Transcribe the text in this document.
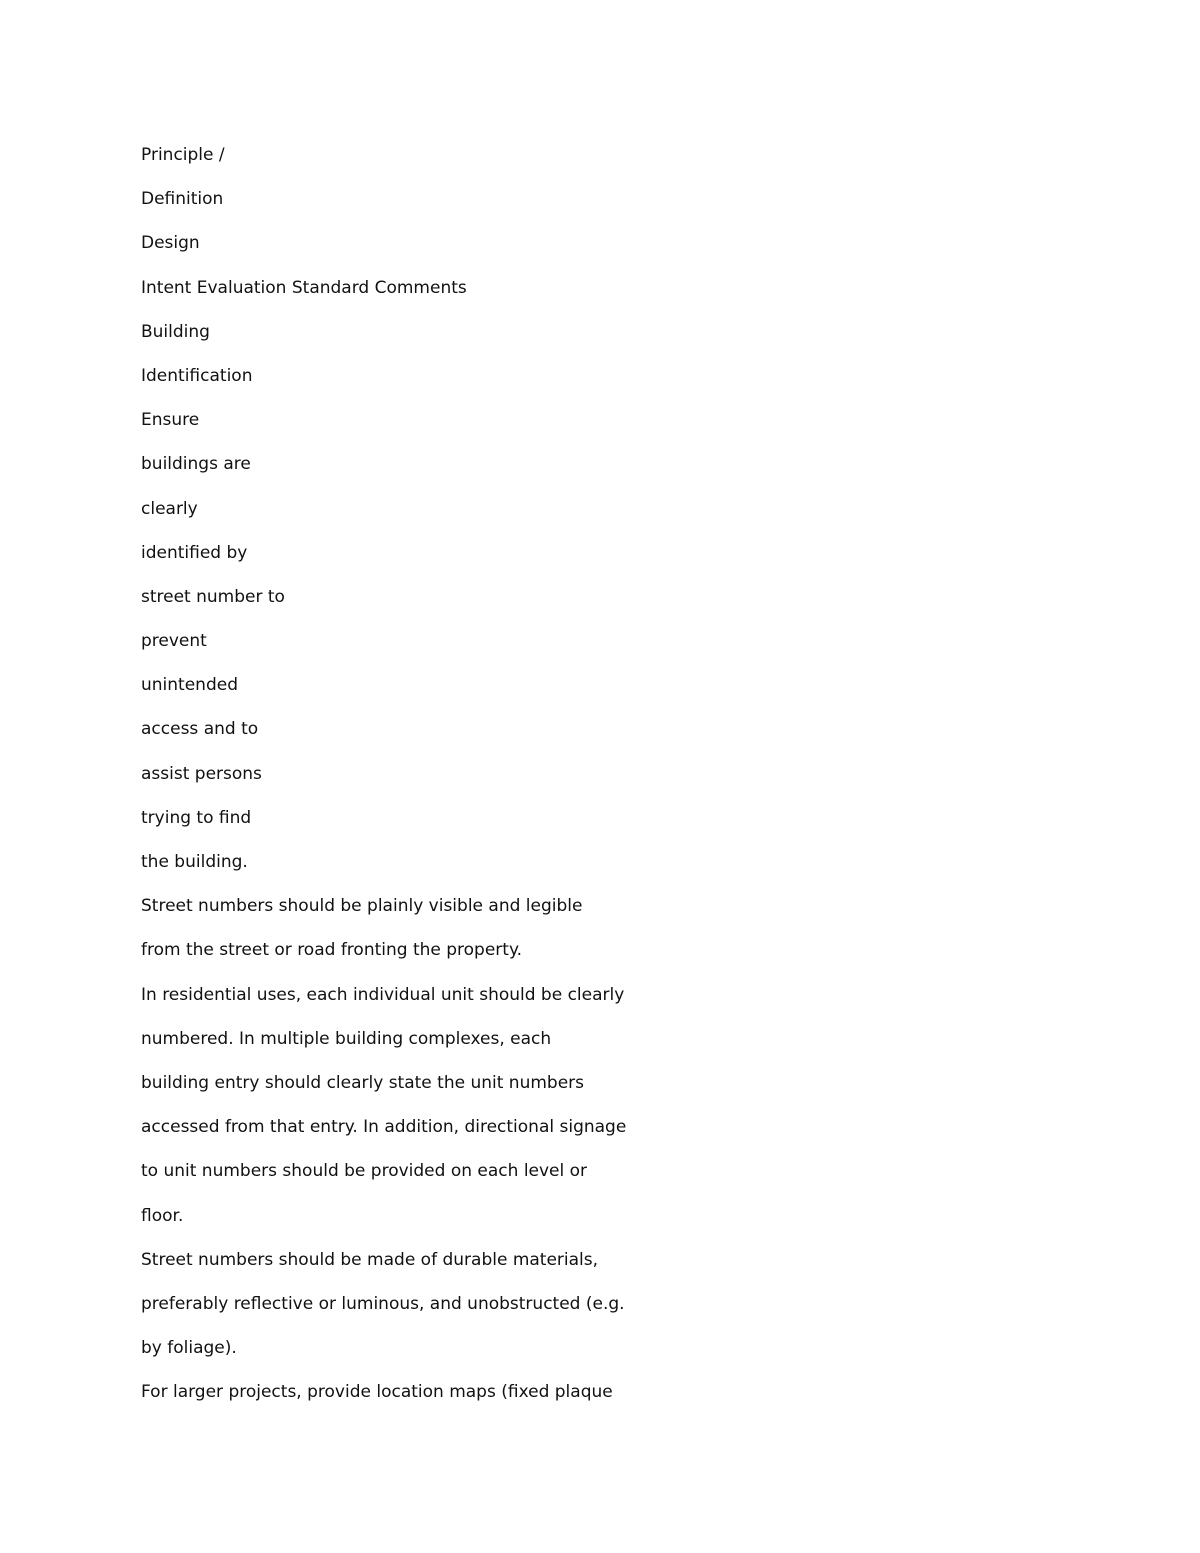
Principle /
Definition
Design
Intent Evaluation Standard Comments
Building
Identification
Ensure
buildings are
clearly
identified by
street number to
prevent
unintended
access and to
assist persons
trying to find
the building.
Street numbers should be plainly visible and legible
from the street or road fronting the property.
In residential uses, each individual unit should be clearly
numbered. In multiple building complexes, each
building entry should clearly state the unit numbers
accessed from that entry. In addition, directional signage
to unit numbers should be provided on each level or
floor.
Street numbers should be made of durable materials,
preferably reflective or luminous, and unobstructed (e.g.
by foliage).
For larger projects, provide location maps (fixed plaque
